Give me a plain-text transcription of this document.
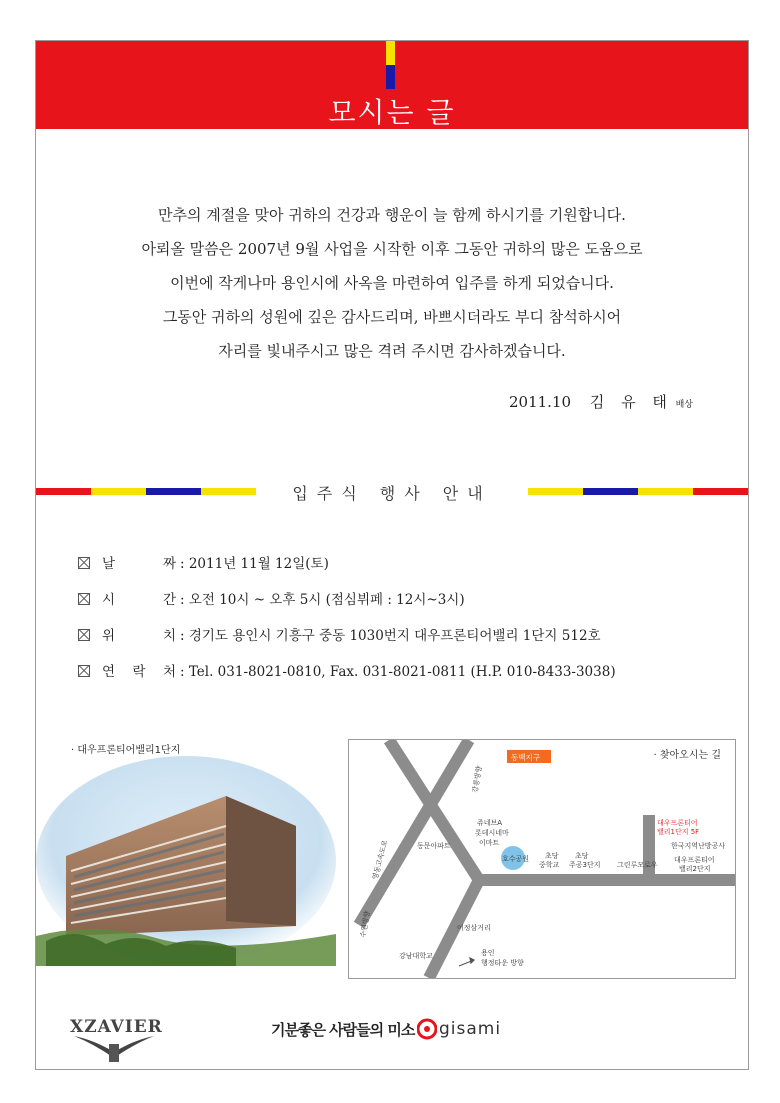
모시는 글
만추의 계절을 맞아 귀하의 건강과 행운이 늘 함께 하시기를 기원합니다.
아뢰올 말씀은 2007년 9월 사업을 시작한 이후 그동안 귀하의 많은 도움으로
이번에 작게나마 용인시에 사옥을 마련하여 입주를 하게 되었습니다.
그동안 귀하의 성원에 깊은 감사드리며, 바쁘시더라도 부디 참석하시어
자리를 빛내주시고 많은 격려 주시면 감사하겠습니다.
2011.10 김 유 태 배상
입주식 행사 안내
날	짜 : 2011년 11월 12일(토)
시	간 : 오전 10시 ~ 오후 5시 (점심뷔페 : 12시~3시)
위	치 : 경기도 용인시 기흥구 중동 1030번지 대우프론티어밸리 1단지 512호
연 락 처 : Tel. 031-8021-0810, Fax. 031-8021-0811 (H.P. 010-8433-3038)
· 대우프론티어밸리1단지
동백지구
호수공원
강릉방향
영동고속도로
수원방향
동문아파트
쥬네브A
롯데시네마
이마트
초당
중학교
초당
주공3단지 그린루모로우
대우프론티어
밸리1단지 5F
한국지역난방공사
대우프론티어
밸리2단지
어정삼거리
강남대학교	용인
행정타운 방향
· 찾아오시는 길
XZAVIER	기분좋은 사람들의 미소 gisami
